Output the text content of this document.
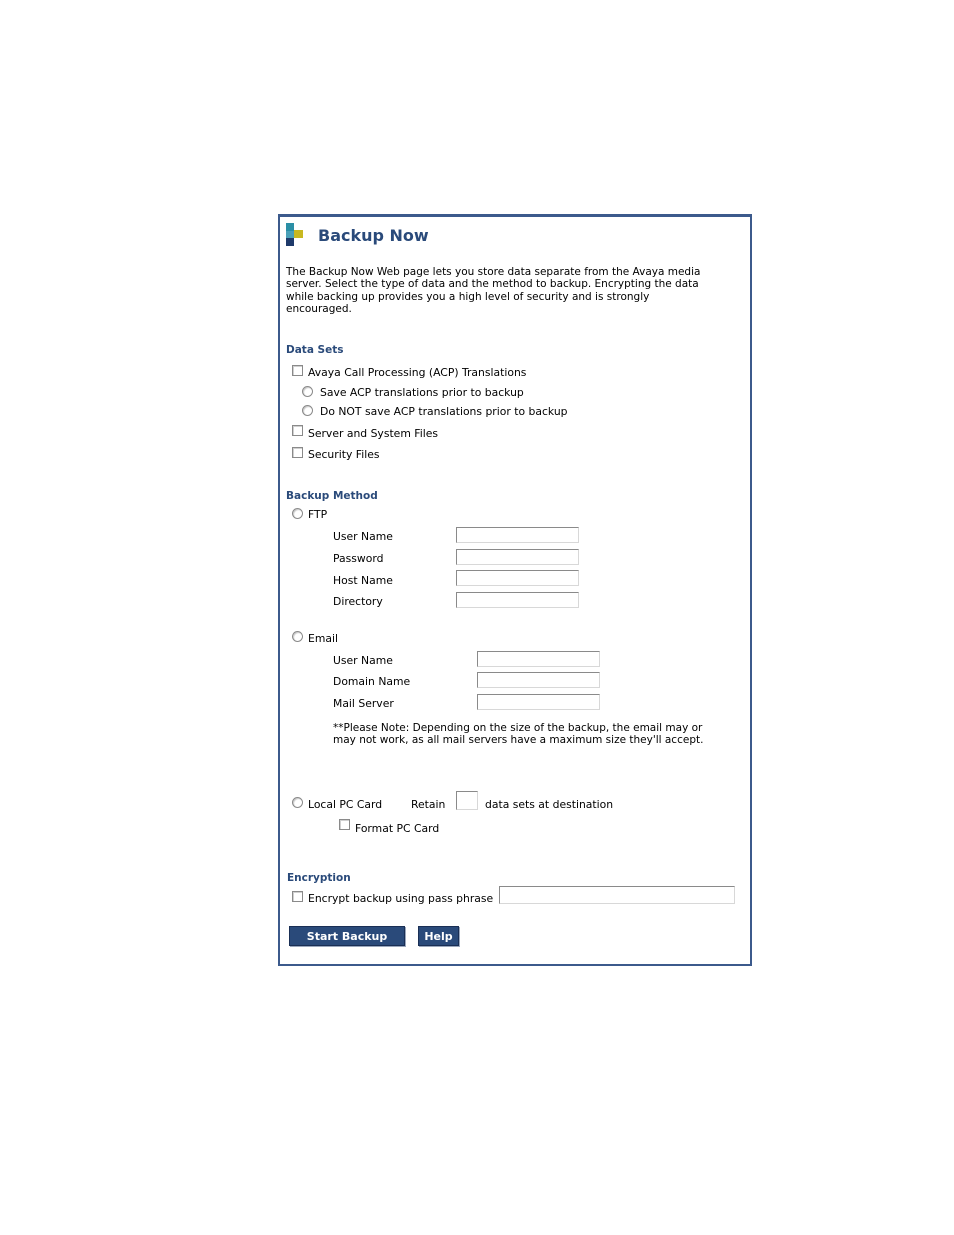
Backup Now
The Backup Now Web page lets you store data separate from the Avaya media server. Select the type of data and the method to backup. Encrypting the data while backing up provides you a high level of security and is strongly encouraged.
Data Sets
Avaya Call Processing (ACP) Translations
Save ACP translations prior to backup
Do NOT save ACP translations prior to backup
Server and System Files
Security Files
Backup Method
FTP
User Name
Password
Host Name
Directory
Email
User Name
Domain Name
Mail Server
**Please Note: Depending on the size of the backup, the email may or may not work, as all mail servers have a maximum size they'll accept.
Local PC Card	Retain	data sets at destination
Format PC Card
Encryption
Encrypt backup using pass phrase
Start Backup	Help
